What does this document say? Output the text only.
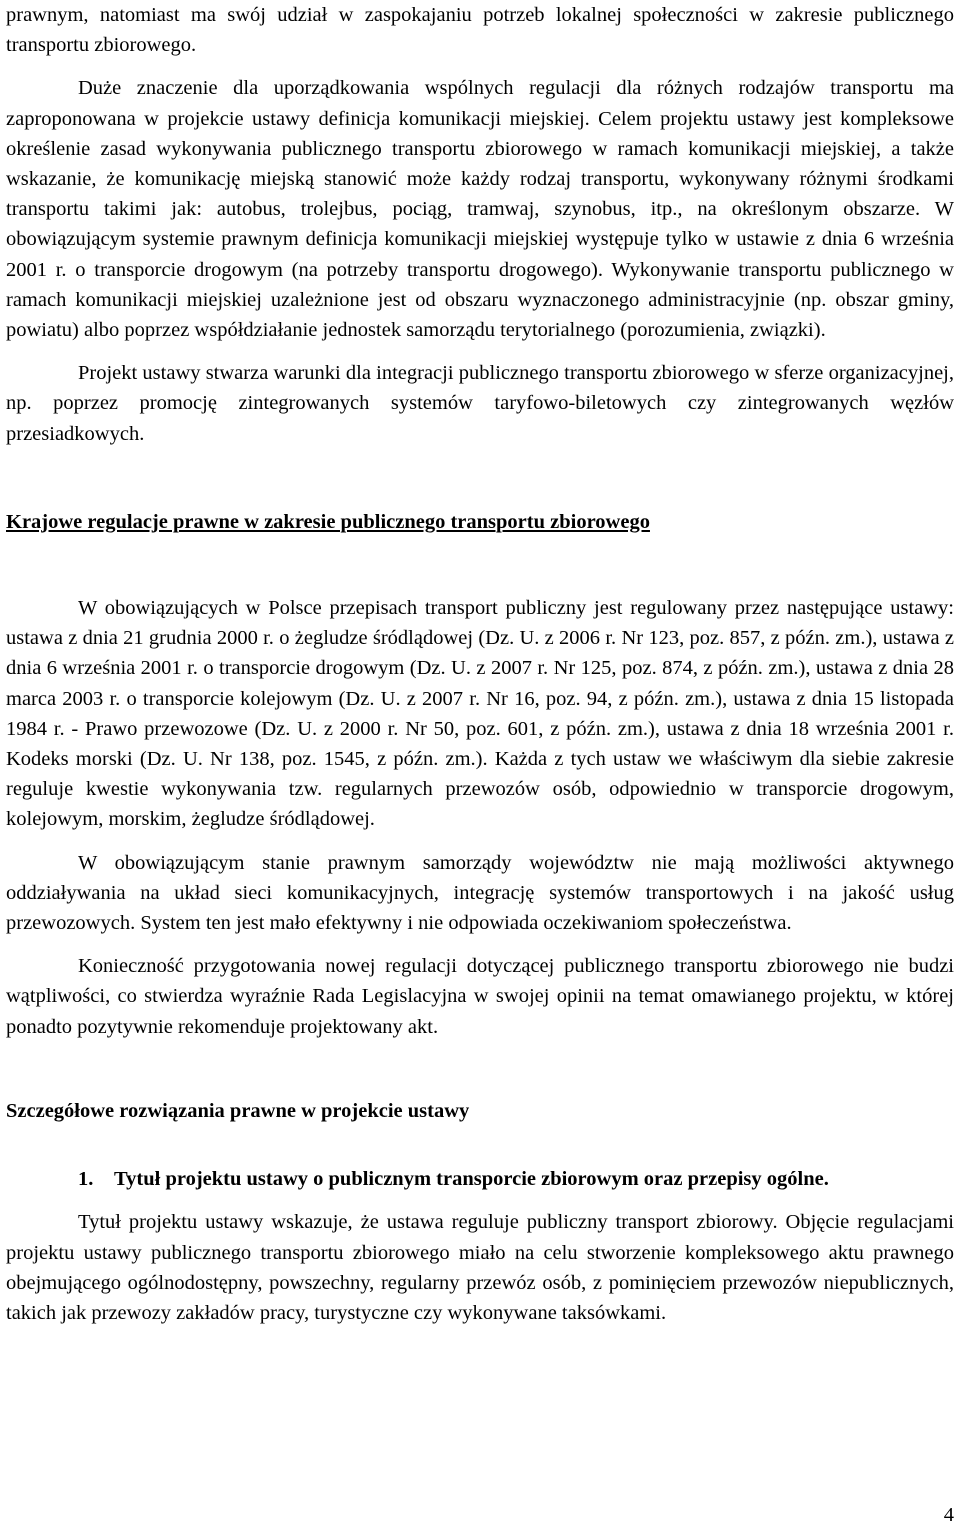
prawnym, natomiast ma swój udział w zaspokajaniu potrzeb lokalnej społeczności w zakresie publicznego transportu zbiorowego.

Duże znaczenie dla uporządkowania wspólnych regulacji dla różnych rodzajów transportu ma zaproponowana w projekcie ustawy definicja komunikacji miejskiej. Celem projektu ustawy jest kompleksowe określenie zasad wykonywania publicznego transportu zbiorowego w ramach komunikacji miejskiej, a także wskazanie, że komunikację miejską stanowić może każdy rodzaj transportu, wykonywany różnymi środkami transportu takimi jak: autobus, trolejbus, pociąg, tramwaj, szynobus, itp., na określonym obszarze. W obowiązującym systemie prawnym definicja komunikacji miejskiej występuje tylko w ustawie z dnia 6 września 2001 r. o transporcie drogowym (na potrzeby transportu drogowego). Wykonywanie transportu publicznego w ramach komunikacji miejskiej uzależnione jest od obszaru wyznaczonego administracyjnie (np. obszar gminy, powiatu) albo poprzez współdziałanie jednostek samorządu terytorialnego (porozumienia, związki).

Projekt ustawy stwarza warunki dla integracji publicznego transportu zbiorowego w sferze organizacyjnej, np. poprzez promocję zintegrowanych systemów taryfowo-biletowych czy zintegrowanych węzłów przesiadkowych.

Krajowe regulacje prawne w zakresie publicznego transportu zbiorowego

W obowiązujących w Polsce przepisach transport publiczny jest regulowany przez następujące ustawy: ustawa z dnia 21 grudnia 2000 r. o żegludze śródlądowej (Dz. U. z 2006 r. Nr 123, poz. 857, z późn. zm.), ustawa z dnia 6 września 2001 r. o transporcie drogowym (Dz. U. z 2007 r. Nr 125, poz. 874, z późn. zm.), ustawa z dnia 28 marca 2003 r. o transporcie kolejowym (Dz. U. z 2007 r. Nr 16, poz. 94, z późn. zm.), ustawa z dnia 15 listopada 1984 r. - Prawo przewozowe (Dz. U. z 2000 r. Nr 50, poz. 601, z późn. zm.), ustawa z dnia 18 września 2001 r. Kodeks morski (Dz. U. Nr 138, poz. 1545, z późn. zm.). Każda z tych ustaw we właściwym dla siebie zakresie reguluje kwestie wykonywania tzw. regularnych przewozów osób, odpowiednio w transporcie drogowym, kolejowym, morskim, żegludze śródlądowej.

W obowiązującym stanie prawnym samorządy województw nie mają możliwości aktywnego oddziaływania na układ sieci komunikacyjnych, integrację systemów transportowych i na jakość usług przewozowych. System ten jest mało efektywny i nie odpowiada oczekiwaniom społeczeństwa.

Konieczność przygotowania nowej regulacji dotyczącej publicznego transportu zbiorowego nie budzi wątpliwości, co stwierdza wyraźnie Rada Legislacyjna w swojej opinii na temat omawianego projektu, w której ponadto pozytywnie rekomenduje projektowany akt.

Szczegółowe rozwiązania prawne w projekcie ustawy
1.	Tytuł projektu ustawy o publicznym transporcie zbiorowym oraz przepisy ogólne.

Tytuł projektu ustawy wskazuje, że ustawa reguluje publiczny transport zbiorowy. Objęcie regulacjami projektu ustawy publicznego transportu zbiorowego miało na celu stworzenie kompleksowego aktu prawnego obejmującego ogólnodostępny, powszechny, regularny przewóz osób, z pominięciem przewozów niepublicznych, takich jak przewozy zakładów pracy, turystyczne czy wykonywane taksówkami.

4
